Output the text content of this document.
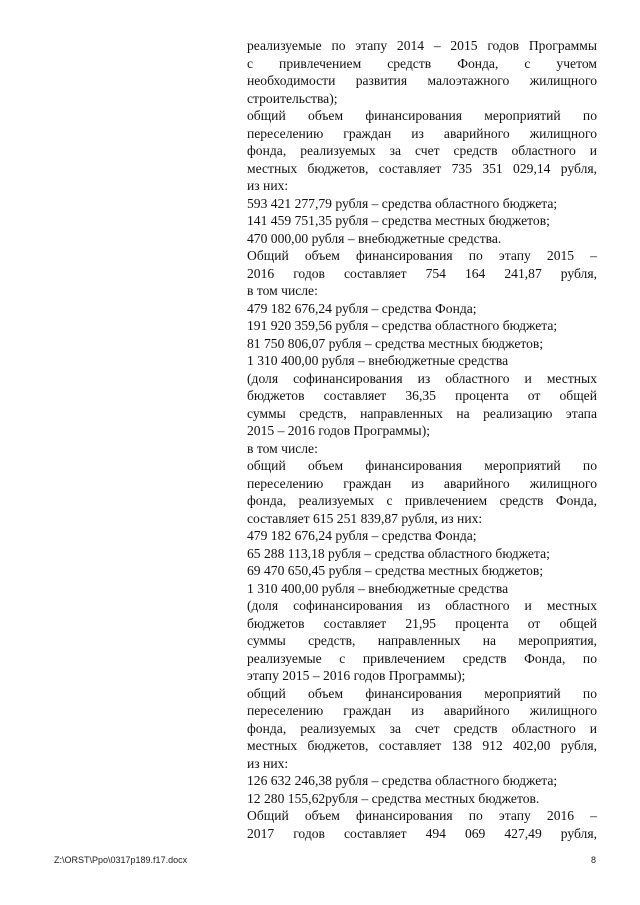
реализуемые по этапу 2014 – 2015 годов Программы
с привлечением средств Фонда, с учетом
необходимости развития малоэтажного жилищного
строительства);
общий объем финансирования мероприятий по
переселению граждан из аварийного жилищного
фонда, реализуемых за счет средств областного и
местных бюджетов, составляет 735 351 029,14 рубля,
из них:
593 421 277,79 рубля – средства областного бюджета;
141 459 751,35 рубля – средства местных бюджетов;
470 000,00 рубля – внебюджетные средства.
Общий объем финансирования по этапу 2015 –
2016 годов составляет 754 164 241,87 рубля,
в том числе:
479 182 676,24 рубля – средства Фонда;
191 920 359,56 рубля – средства областного бюджета;
81 750 806,07 рубля – средства местных бюджетов;
1 310 400,00 рубля – внебюджетные средства
(доля софинансирования из областного и местных
бюджетов составляет 36,35 процента от общей
суммы средств, направленных на реализацию этапа
2015 – 2016 годов Программы);
в том числе:
общий объем финансирования мероприятий по
переселению граждан из аварийного жилищного
фонда, реализуемых с привлечением средств Фонда,
составляет 615 251 839,87 рубля, из них:
479 182 676,24 рубля – средства Фонда;
65 288 113,18 рубля – средства областного бюджета;
69 470 650,45 рубля – средства местных бюджетов;
1 310 400,00 рубля – внебюджетные средства
(доля софинансирования из областного и местных
бюджетов составляет 21,95 процента от общей
суммы средств, направленных на мероприятия,
реализуемые с привлечением средств Фонда, по
этапу 2015 – 2016 годов Программы);
общий объем финансирования мероприятий по
переселению граждан из аварийного жилищного
фонда, реализуемых за счет средств областного и
местных бюджетов, составляет 138 912 402,00 рубля,
из них:
126 632 246,38 рубля – средства областного бюджета;
12 280 155,62рубля – средства местных бюджетов.
Общий объем финансирования по этапу 2016 –
2017 годов составляет 494 069 427,49 рубля,
Z:\ORST\Ppo\0317p189.f17.docx	8
